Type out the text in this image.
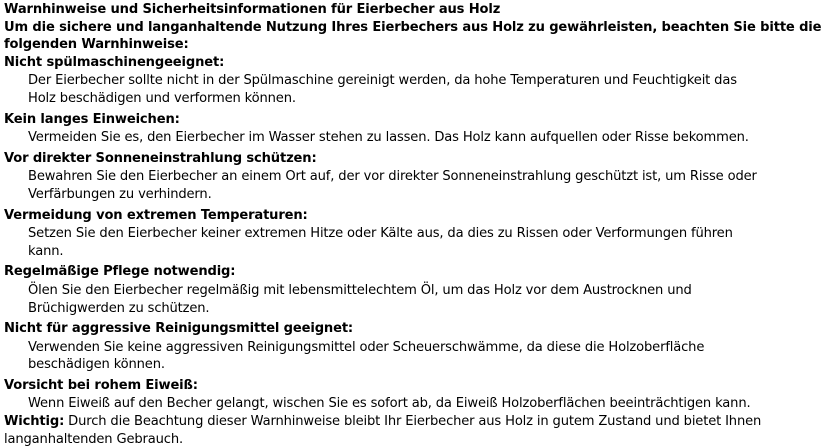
Warnhinweise und Sicherheitsinformationen für Eierbecher aus Holz
Um die sichere und langanhaltende Nutzung Ihres Eierbechers aus Holz zu gewährleisten, beachten Sie bitte die
folgenden Warnhinweise:
Nicht spülmaschinengeeignet:
Der Eierbecher sollte nicht in der Spülmaschine gereinigt werden, da hohe Temperaturen und Feuchtigkeit das
Holz beschädigen und verformen können.
Kein langes Einweichen:
Vermeiden Sie es, den Eierbecher im Wasser stehen zu lassen. Das Holz kann aufquellen oder Risse bekommen.
Vor direkter Sonneneinstrahlung schützen:
Bewahren Sie den Eierbecher an einem Ort auf, der vor direkter Sonneneinstrahlung geschützt ist, um Risse oder
Verfärbungen zu verhindern.
Vermeidung von extremen Temperaturen:
Setzen Sie den Eierbecher keiner extremen Hitze oder Kälte aus, da dies zu Rissen oder Verformungen führen
kann.
Regelmäßige Pflege notwendig:
Ölen Sie den Eierbecher regelmäßig mit lebensmittelechtem Öl, um das Holz vor dem Austrocknen und
Brüchigwerden zu schützen.
Nicht für aggressive Reinigungsmittel geeignet:
Verwenden Sie keine aggressiven Reinigungsmittel oder Scheuerschwämme, da diese die Holzoberfläche
beschädigen können.
Vorsicht bei rohem Eiweiß:
Wenn Eiweiß auf den Becher gelangt, wischen Sie es sofort ab, da Eiweiß Holzoberflächen beeinträchtigen kann.
Wichtig: Durch die Beachtung dieser Warnhinweise bleibt Ihr Eierbecher aus Holz in gutem Zustand und bietet Ihnen
langanhaltenden Gebrauch.
